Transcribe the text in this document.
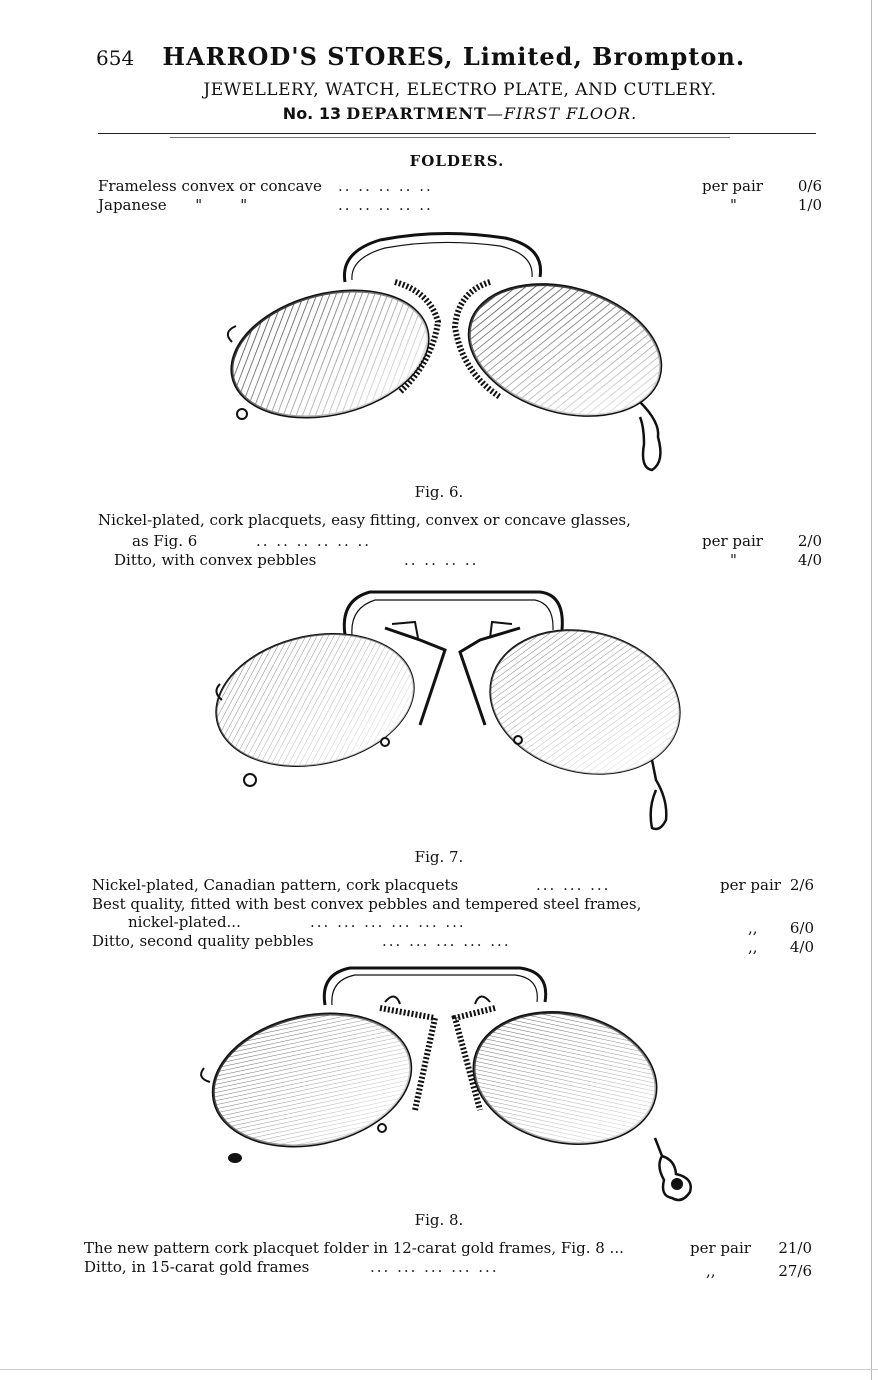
654 HARROD'S STORES, Limited, Brompton.
JEWELLERY, WATCH, ELECTRO PLATE, AND CUTLERY.
No. 13 DEPARTMENT—FIRST FLOOR.
FOLDERS.
Frameless convex or concave .. .. .. .. ..	per pair	0/6
Japanese      "        "	.. .. .. .. ..	"	1/0
Fig. 6.
Nickel-plated, cork placquets, easy fitting, convex or concave glasses,
as Fig. 6	.. .. .. .. .. ..	per pair	2/0
Ditto, with convex pebbles	.. .. .. ..	"	4/0
Fig. 7.
Nickel-plated, Canadian pattern, cork placquets	... ... ...	per pair 2/6
Best quality, fitted with best convex pebbles and tempered steel frames,
nickel-plated...	... ... ... ... ... ...	,,	6/0
Ditto, second quality pebbles	... ... ... ... ...	,,	4/0
Fig. 8.
The new pattern cork placquet folder in 12-carat gold frames, Fig. 8 ...	per pair	21/0
Ditto, in 15-carat gold frames	... ... ... ... ...	,,	27/6
